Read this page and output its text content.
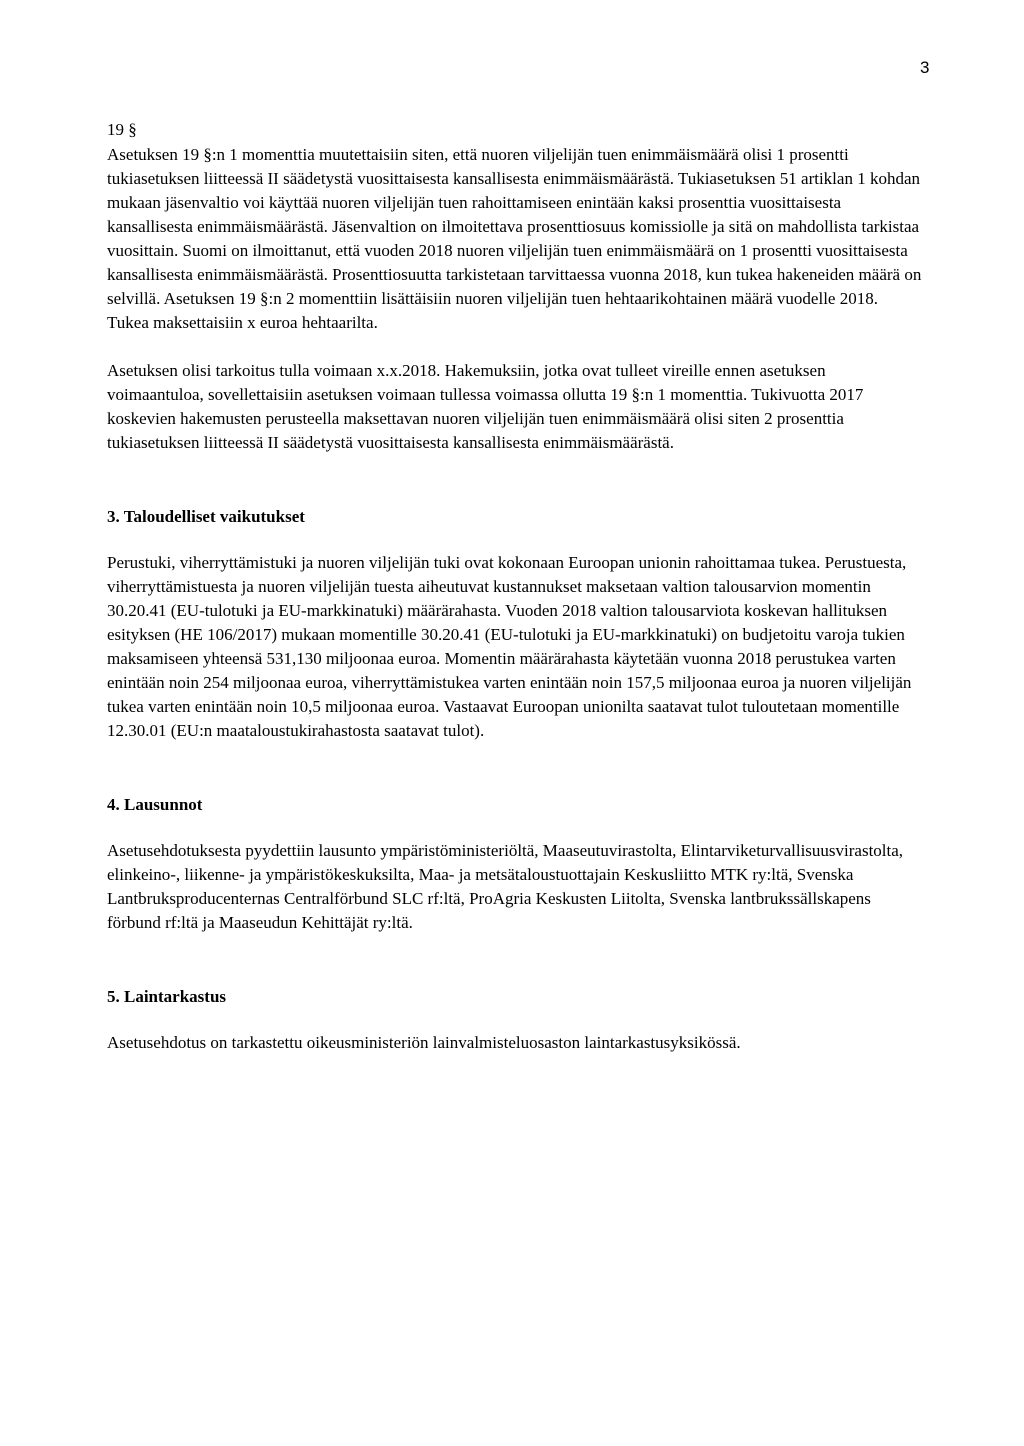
3

19 §

Asetuksen 19 §:n 1 momenttia muutettaisiin siten, että nuoren viljelijän tuen enimmäismäärä olisi 1 prosentti tukiasetuksen liitteessä II säädetystä vuosittaisesta kansallisesta enimmäismäärästä. Tukiasetuksen 51 artiklan 1 kohdan mukaan jäsenvaltio voi käyttää nuoren viljelijän tuen rahoittamiseen enintään kaksi prosenttia vuosittaisesta kansallisesta enimmäismäärästä. Jäsenvaltion on ilmoitettava prosenttiosuus komissiolle ja sitä on mahdollista tarkistaa vuosittain. Suomi on ilmoittanut, että vuoden 2018 nuoren viljelijän tuen enimmäismäärä on 1 prosentti vuosittaisesta kansallisesta enimmäismäärästä. Prosenttiosuutta tarkistetaan tarvittaessa vuonna 2018, kun tukea hakeneiden määrä on selvillä. Asetuksen 19 §:n 2 momenttiin lisättäisiin nuoren viljelijän tuen hehtaarikohtainen määrä vuodelle 2018. Tukea maksettaisiin x euroa hehtaarilta.

Asetuksen olisi tarkoitus tulla voimaan x.x.2018. Hakemuksiin, jotka ovat tulleet vireille ennen asetuksen voimaantuloa, sovellettaisiin asetuksen voimaan tullessa voimassa ollutta 19 §:n 1 momenttia. Tukivuotta 2017 koskevien hakemusten perusteella maksettavan nuoren viljelijän tuen enimmäismäärä olisi siten 2 prosenttia tukiasetuksen liitteessä II säädetystä vuosittaisesta kansallisesta enimmäismäärästä.

3. Taloudelliset vaikutukset

Perustuki, viherryttämistuki ja nuoren viljelijän tuki ovat kokonaan Euroopan unionin rahoittamaa tukea. Perustuesta, viherryttämistuesta ja nuoren viljelijän tuesta aiheutuvat kustannukset maksetaan valtion talousarvion momentin 30.20.41 (EU-tulotuki ja EU-markkinatuki) määrärahasta. Vuoden 2018 valtion talousarviota koskevan hallituksen esityksen (HE 106/2017) mukaan momentille 30.20.41 (EU-tulotuki ja EU-markkinatuki) on budjetoitu varoja tukien maksamiseen yhteensä 531,130 miljoonaa euroa. Momentin määrärahasta käytetään vuonna 2018 perustukea varten enintään noin 254 miljoonaa euroa, viherryttämistukea varten enintään noin 157,5 miljoonaa euroa ja nuoren viljelijän tukea varten enintään noin 10,5 miljoonaa euroa. Vastaavat Euroopan unionilta saatavat tulot tuloutetaan momentille 12.30.01 (EU:n maataloustukirahastosta saatavat tulot).

4. Lausunnot

Asetusehdotuksesta pyydettiin lausunto ympäristöministeriöltä, Maaseutuvirastolta, Elintarviketurvallisuusvirastolta, elinkeino-, liikenne- ja ympäristökeskuksilta, Maa- ja metsätaloustuottajain Keskusliitto MTK ry:ltä, Svenska Lantbruksproducenternas Centralförbund SLC rf:ltä, ProAgria Keskusten Liitolta, Svenska lantbrukssällskapens förbund rf:ltä ja Maaseudun Kehittäjät ry:ltä.

5. Laintarkastus

Asetusehdotus on tarkastettu oikeusministeriön lainvalmisteluosaston laintarkastusyksikössä.
